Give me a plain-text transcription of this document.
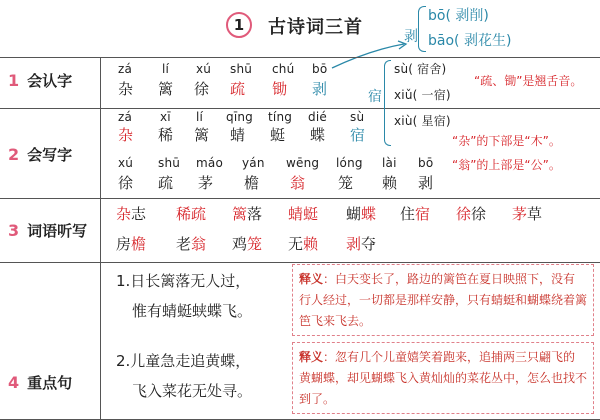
1	古诗词三首	剥
bō( 剥削)
bāo( 剥花生)
1 会认字
zá lí xú shū chú bō
杂 篱 徐 疏 锄 剥	宿
sù( 宿舍)
xiǔ( 一宿)
xiù( 星宿)
“疏、锄”是翘舌音。
2 会写字
zá xī lí qīng tíng dié sù
杂 稀 篱 蜻 蜓 蝶 宿	“杂”的下部是“木”。
“翁”的上部是“公”。
xú shū máo yán wēng lóng lài bō
徐 疏 茅 檐 翁 笼 赖 剥
3 词语听写
杂志 稀疏 篱落 蜻蜓 蝴蝶 住宿 徐徐 茅草
房檐 老翁 鸡笼 无赖 剥夺
4 重点句
1.日长篱落无人过，
惟有蜻蜓蛱蝶飞。
2.儿童急走追黄蝶，
飞入菜花无处寻。
释义：白天变长了，路边的篱笆在夏日映照下，没有行人经过，一切都是那样安静，只有蜻蜓和蝴蝶绕着篱笆飞来飞去。
释义：忽有几个儿童嬉笑着跑来，追捕两三只翩飞的黄蝴蝶，却见蝴蝶飞入黄灿灿的菜花丛中，怎么也找不到了。
